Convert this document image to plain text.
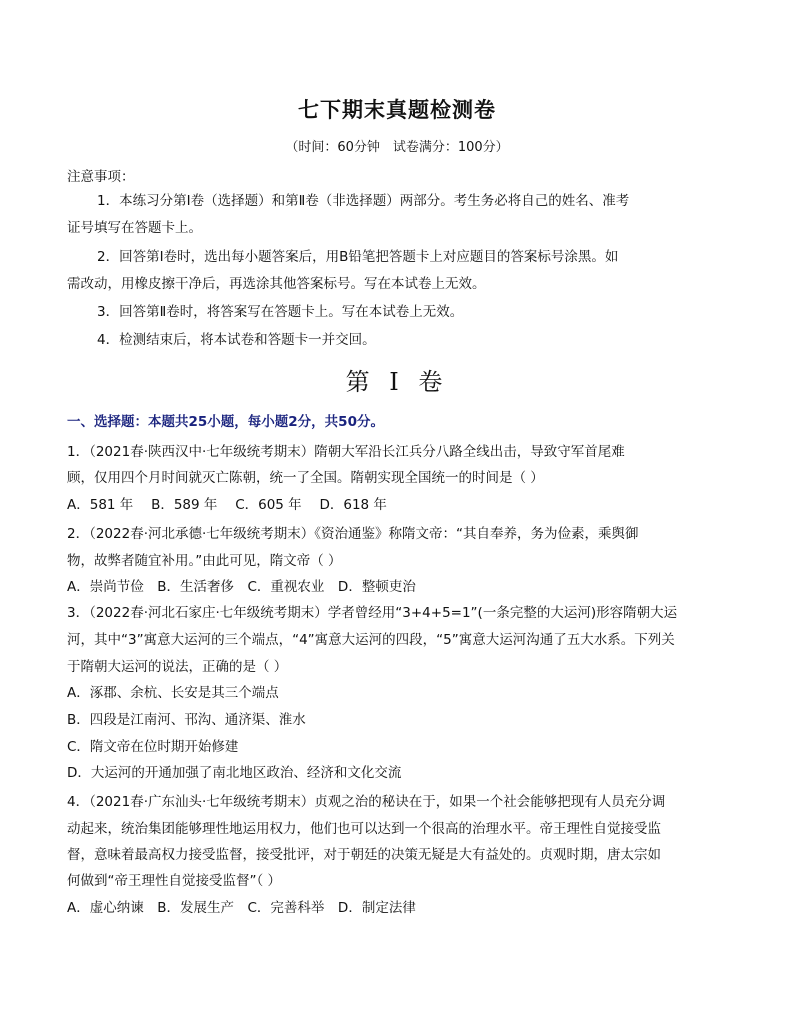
七下期末真题检测卷
（时间：60分钟　试卷满分：100分）
注意事项：
1．本练习分第Ⅰ卷（选择题）和第Ⅱ卷（非选择题）两部分。考生务必将自己的姓名、准考
证号填写在答题卡上。
2．回答第Ⅰ卷时，选出每小题答案后，用B铅笔把答题卡上对应题目的答案标号涂黑。如
需改动，用橡皮擦干净后，再选涂其他答案标号。写在本试卷上无效。
3．回答第Ⅱ卷时，将答案写在答题卡上。写在本试卷上无效。
4．检测结束后，将本试卷和答题卡一并交回。
第 I 卷
一、选择题：本题共25小题，每小题2分，共50分。
1．（2021春·陕西汉中·七年级统考期末）隋朝大军沿长江兵分八路全线出击，导致守军首尾难
顾，仅用四个月时间就灭亡陈朝，统一了全国。隋朝实现全国统一的时间是（ ）
A．581 年　 B．589 年　 C．605 年　 D．618 年
2．（2022春·河北承德·七年级统考期末）《资治通鉴》称隋文帝：“其自奉养，务为俭素，乘舆御
物，故弊者随宜补用。”由此可见，隋文帝（ ）
A．崇尚节俭　B．生活奢侈　C．重视农业　D．整顿吏治
3．（2022春·河北石家庄·七年级统考期末）学者曾经用“3+4+5=1”(一条完整的大运河)形容隋朝大运
河，其中“3”寓意大运河的三个端点，“4”寓意大运河的四段，“5”寓意大运河沟通了五大水系。下列关
于隋朝大运河的说法，正确的是（ ）
A．涿郡、余杭、长安是其三个端点
B．四段是江南河、邗沟、通济渠、淮水
C．隋文帝在位时期开始修建
D．大运河的开通加强了南北地区政治、经济和文化交流
4．（2021春·广东汕头·七年级统考期末）贞观之治的秘诀在于，如果一个社会能够把现有人员充分调
动起来，统治集团能够理性地运用权力，他们也可以达到一个很高的治理水平。帝王理性自觉接受监
督，意味着最高权力接受监督，接受批评，对于朝廷的决策无疑是大有益处的。贞观时期，唐太宗如
何做到“帝王理性自觉接受监督”（ ）
A．虚心纳谏　B．发展生产　C．完善科举　D．制定法律
